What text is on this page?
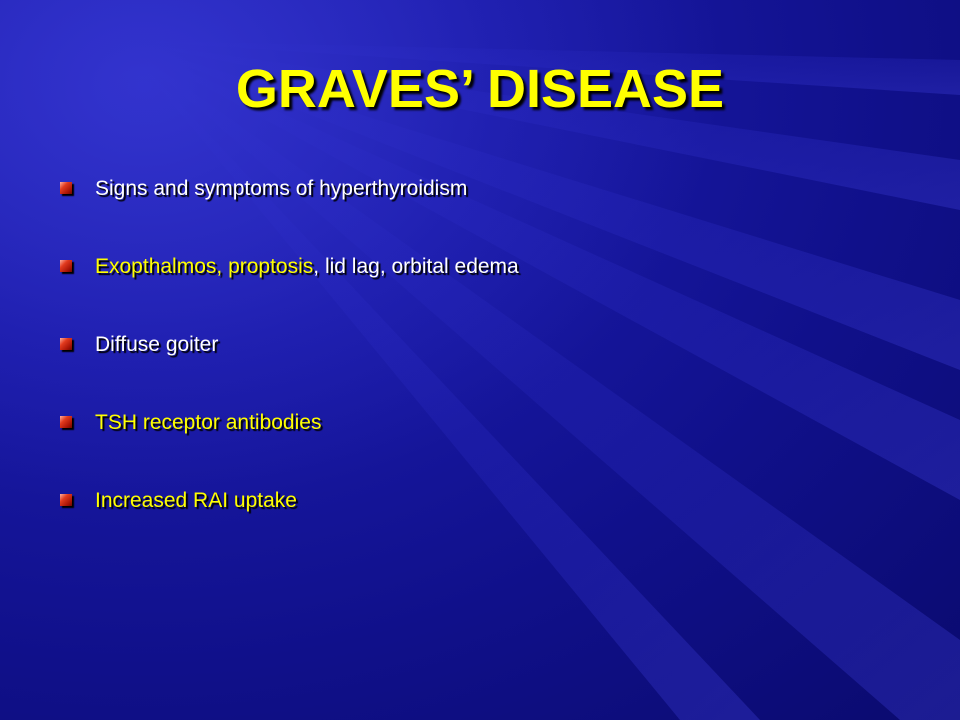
GRAVES’ DISEASE
Signs and symptoms of hyperthyroidism
Exopthalmos, proptosis, lid lag, orbital edema
Diffuse goiter
TSH receptor antibodies
Increased RAI uptake
